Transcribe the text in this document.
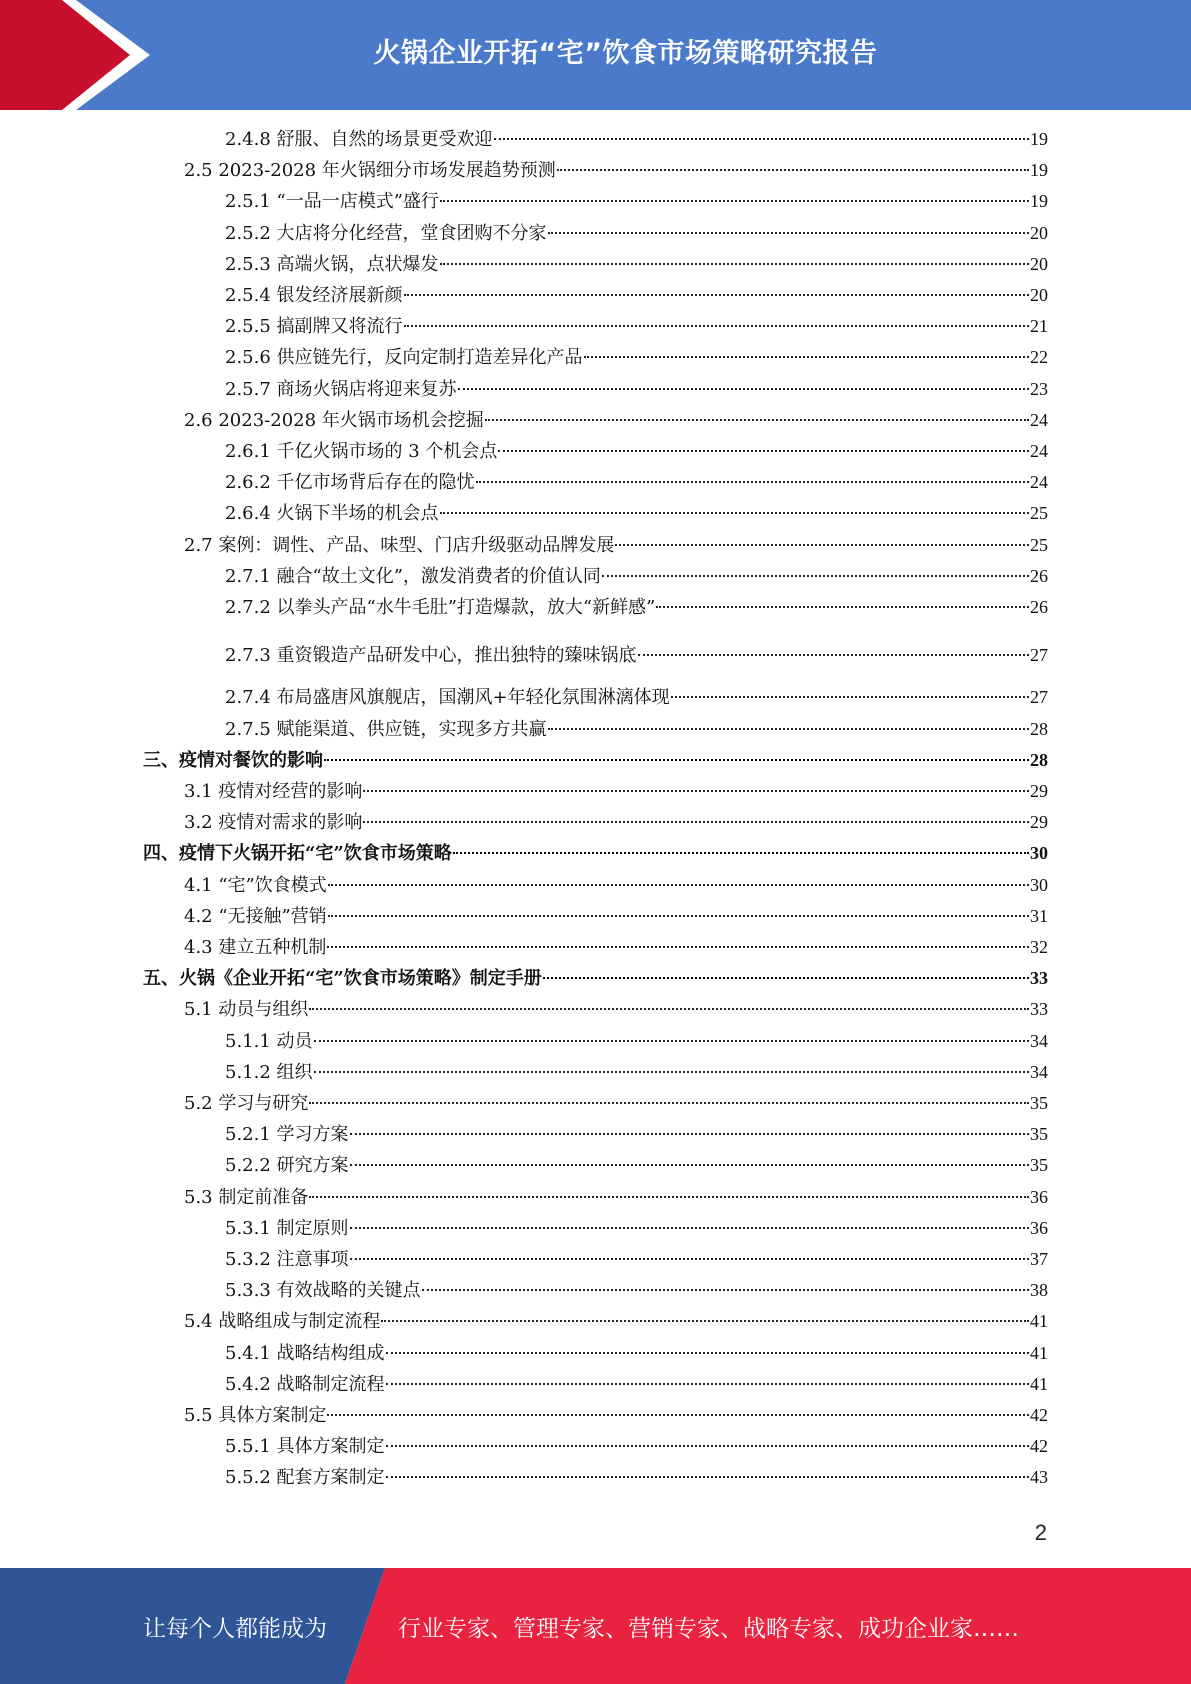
火锅企业开拓“宅”饮食市场策略研究报告
2.4.8 舒服、自然的场景更受欢迎	19
2.5 2023-2028 年火锅细分市场发展趋势预测	19
2.5.1 “一品一店模式”盛行	19
2.5.2 大店将分化经营，堂食团购不分家	20
2.5.3 高端火锅，点状爆发	20
2.5.4 银发经济展新颜	20
2.5.5 搞副牌又将流行	21
2.5.6 供应链先行，反向定制打造差异化产品	22
2.5.7 商场火锅店将迎来复苏	23
2.6 2023-2028 年火锅市场机会挖掘	24
2.6.1 千亿火锅市场的 3 个机会点	24
2.6.2 千亿市场背后存在的隐忧	24
2.6.4 火锅下半场的机会点	25
2.7 案例：调性、产品、味型、门店升级驱动品牌发展	25
2.7.1 融合“故土文化”，激发消费者的价值认同	26
2.7.2 以拳头产品“水牛毛肚”打造爆款，放大“新鲜感”	26
2.7.3 重资锻造产品研发中心，推出独特的臻味锅底	27
2.7.4 布局盛唐风旗舰店，国潮风+年轻化氛围淋漓体现	27
2.7.5 赋能渠道、供应链，实现多方共赢	28
三、疫情对餐饮的影响	28
3.1 疫情对经营的影响	29
3.2 疫情对需求的影响	29
四、疫情下火锅开拓“宅”饮食市场策略	30
4.1 “宅”饮食模式	30
4.2 “无接触”营销	31
4.3 建立五种机制	32
五、火锅《企业开拓“宅”饮食市场策略》制定手册	33
5.1 动员与组织	33
5.1.1 动员	34
5.1.2 组织	34
5.2 学习与研究	35
5.2.1 学习方案	35
5.2.2 研究方案	35
5.3 制定前准备	36
5.3.1 制定原则	36
5.3.2 注意事项	37
5.3.3 有效战略的关键点	38
5.4 战略组成与制定流程	41
5.4.1 战略结构组成	41
5.4.2 战略制定流程	41
5.5 具体方案制定	42
5.5.1 具体方案制定	42
5.5.2 配套方案制定	43
2
让每个人都能成为	行业专家、管理专家、营销专家、战略专家、成功企业家……
